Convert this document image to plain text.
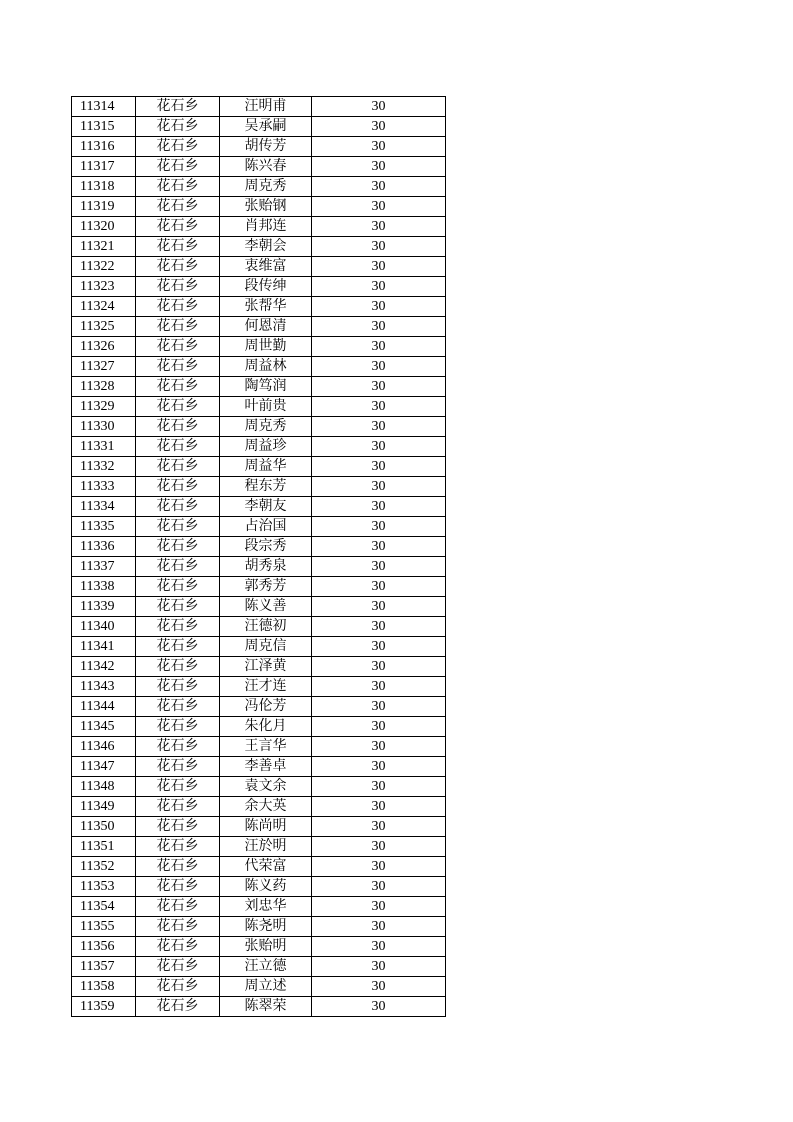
11314	花石乡	汪明甫	30
11315	花石乡	吴承嗣	30
11316	花石乡	胡传芳	30
11317	花石乡	陈兴春	30
11318	花石乡	周克秀	30
11319	花石乡	张贻钢	30
11320	花石乡	肖邦连	30
11321	花石乡	李朝会	30
11322	花石乡	衷维富	30
11323	花石乡	段传绅	30
11324	花石乡	张帮华	30
11325	花石乡	何恩清	30
11326	花石乡	周世勤	30
11327	花石乡	周益林	30
11328	花石乡	陶笃润	30
11329	花石乡	叶前贵	30
11330	花石乡	周克秀	30
11331	花石乡	周益珍	30
11332	花石乡	周益华	30
11333	花石乡	程东芳	30
11334	花石乡	李朝友	30
11335	花石乡	占治国	30
11336	花石乡	段宗秀	30
11337	花石乡	胡秀泉	30
11338	花石乡	郭秀芳	30
11339	花石乡	陈义善	30
11340	花石乡	汪德初	30
11341	花石乡	周克信	30
11342	花石乡	江泽黄	30
11343	花石乡	汪才连	30
11344	花石乡	冯伦芳	30
11345	花石乡	朱化月	30
11346	花石乡	王言华	30
11347	花石乡	李善卓	30
11348	花石乡	袁文余	30
11349	花石乡	余大英	30
11350	花石乡	陈尚明	30
11351	花石乡	汪於明	30
11352	花石乡	代荣富	30
11353	花石乡	陈义药	30
11354	花石乡	刘忠华	30
11355	花石乡	陈尧明	30
11356	花石乡	张贻明	30
11357	花石乡	汪立德	30
11358	花石乡	周立述	30
11359	花石乡	陈翠荣	30
